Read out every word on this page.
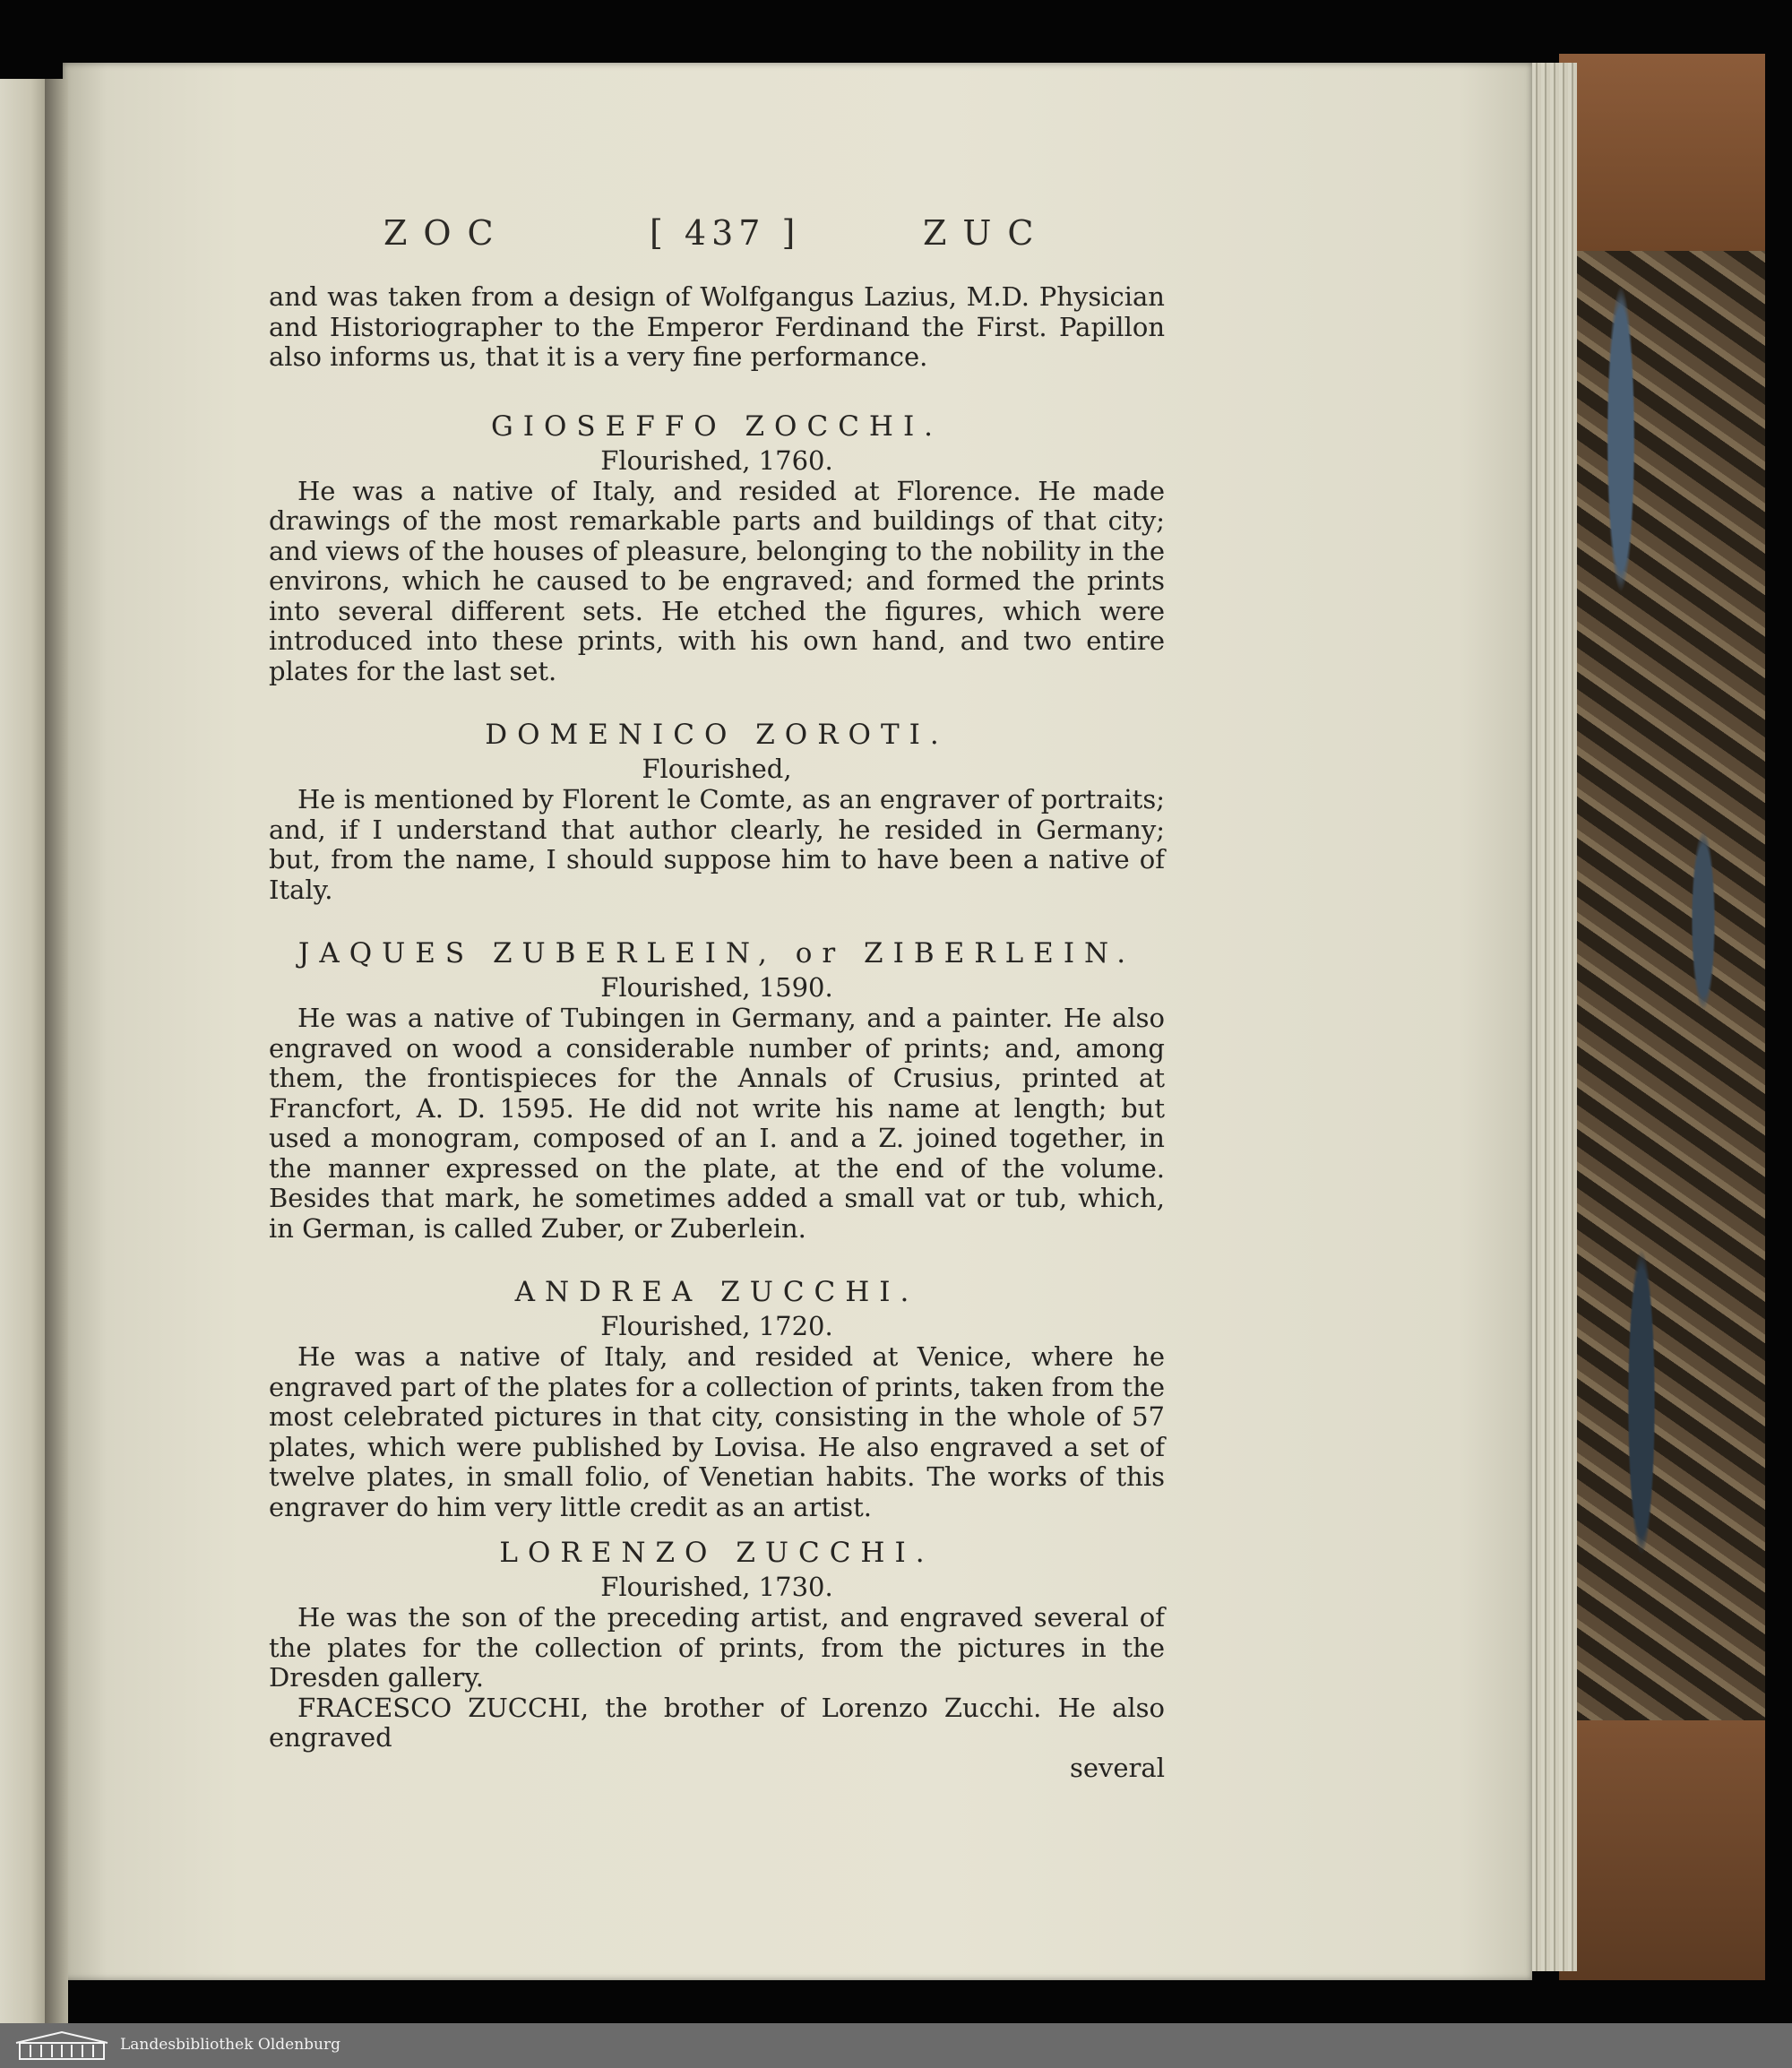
ZOC	[ 437 ]	ZUC

and was taken from a design of Wolfgangus Lazius, M.D. Physician and Historiographer to the Emperor Ferdinand the First. Papillon also informs us, that it is a very fine performance.

GIOSEFFO ZOCCHI.

Flourished, 1760.

He was a native of Italy, and resided at Florence. He made drawings of the most remarkable parts and buildings of that city; and views of the houses of pleasure, belonging to the nobility in the environs, which he caused to be engraved; and formed the prints into several different sets. He etched the figures, which were introduced into these prints, with his own hand, and two entire plates for the last set.

DOMENICO ZOROTI.

Flourished,

He is mentioned by Florent le Comte, as an engraver of portraits; and, if I understand that author clearly, he resided in Germany; but, from the name, I should suppose him to have been a native of Italy.

JAQUES ZUBERLEIN, or ZIBERLEIN.

Flourished, 1590.

He was a native of Tubingen in Germany, and a painter. He also engraved on wood a considerable number of prints; and, among them, the frontispieces for the Annals of Crusius, printed at Francfort, A. D. 1595. He did not write his name at length; but used a monogram, composed of an I. and a Z. joined together, in the manner expressed on the plate, at the end of the volume. Besides that mark, he sometimes added a small vat or tub, which, in German, is called Zuber, or Zuberlein.

ANDREA ZUCCHI.

Flourished, 1720.

He was a native of Italy, and resided at Venice, where he engraved part of the plates for a collection of prints, taken from the most celebrated pictures in that city, consisting in the whole of 57 plates, which were published by Lovisa. He also engraved a set of twelve plates, in small folio, of Venetian habits. The works of this engraver do him very little credit as an artist.

LORENZO ZUCCHI.

Flourished, 1730.

He was the son of the preceding artist, and engraved several of the plates for the collection of prints, from the pictures in the Dresden gallery.

FRACESCO ZUCCHI, the brother of Lorenzo Zucchi. He also engraved

several

Landesbibliothek Oldenburg
